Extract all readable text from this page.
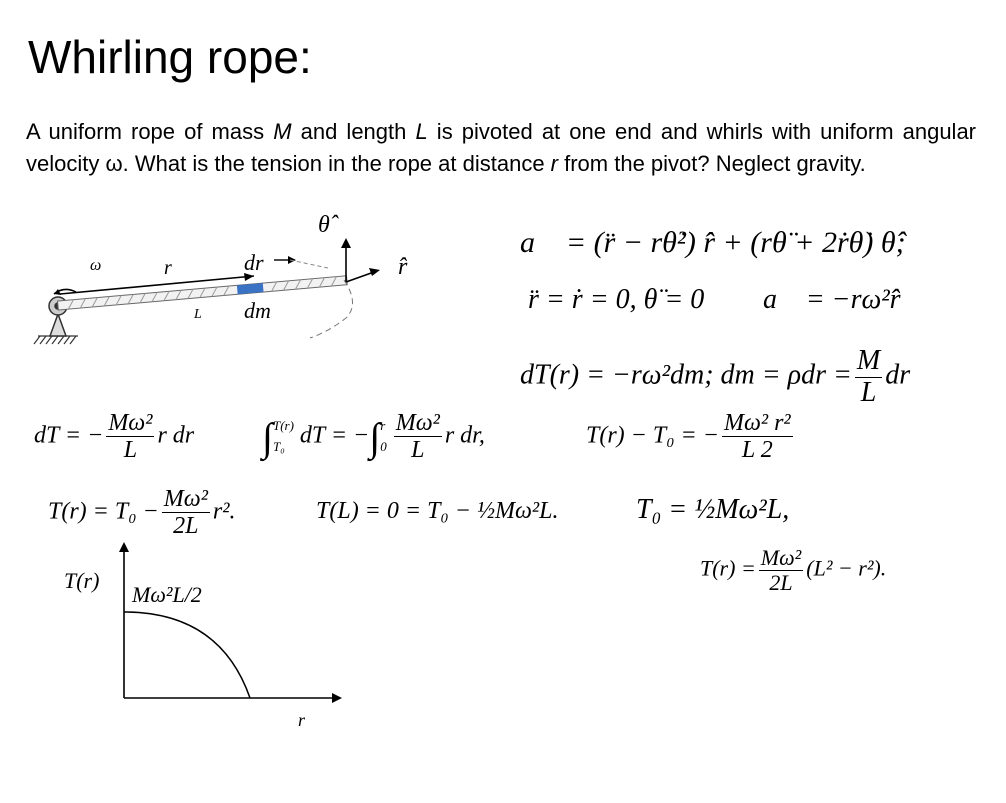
Whirling rope:
A uniform rope of mass M and length L is pivoted at one end and whirls with uniform angular velocity ω. What is the tension in the rope at distance r from the pivot? Neglect gravity.
ω	r	dr
L dm
θ̂
r̂
a⃗ = (r̈ − rθ̇²) r̂ + (rθ̈ + 2ṙθ̇) θ̂;
r̈ = ṙ = 0, θ̈ = 0 a⃗ = −rω²r̂
dT(r) = −rω²dm; dm = $\rho dr = \frac{M}{L}$ dr
dT = − $\frac{\text{Mω²}}{L}$ r dr ∫ T(r)
T₀ dT = −∫ r
$0 \frac{\text{Mω²}}{L}$ r dr,	T(r) − T₀ = − $\frac{\text{Mω² r²}}{L 2}$
$T(r) = T_0 - \frac{\text{Mω²}}{2L} r^2$.	T(L) = 0 = T₀ − ½Mω²L.	T₀ = ½Mω²L,
$T(r) = \frac{\text{Mω²}}{2L} (L^2 - r^2)$.
T(r)
Mω²L/2
r
